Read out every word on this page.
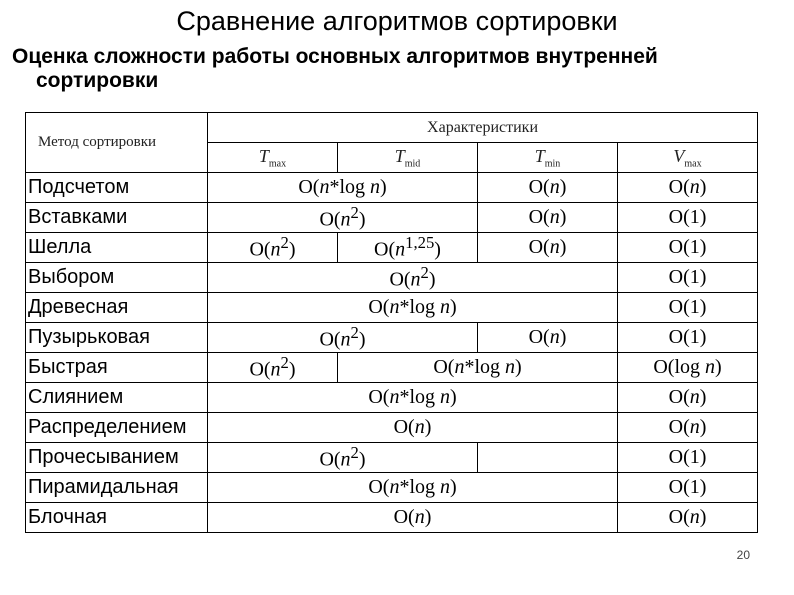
Сравнение алгоритмов сортировки
Оценка сложности работы основных алгоритмов внутренней
сортировки
Метод сортировки	Характеристики			
	$T_{max}$	$T_{mid}$	$T_{min}$	$V_{max}$
Подсчетом	O(n*log n)		O(n)	O(n)
Вставками	$O(n^2)$		O(n)	O(1)
Шелла	$O(n^2)$	$O(n^{1,25})$	O(n)	O(1)
Выбором	$O(n^2)$			O(1)
Древесная	O(n*log n)			O(1)
Пузырьковая	$O(n^2)$		O(n)	O(1)
Быстрая	$O(n^2)$	O(n*log n)		O(log n)
Слиянием	O(n*log n)			O(n)
Распределением	O(n)			O(n)
Прочесыванием	$O(n^2)$			O(1)
Пирамидальная	O(n*log n)			O(1)
Блочная	O(n)			O(n)
20
